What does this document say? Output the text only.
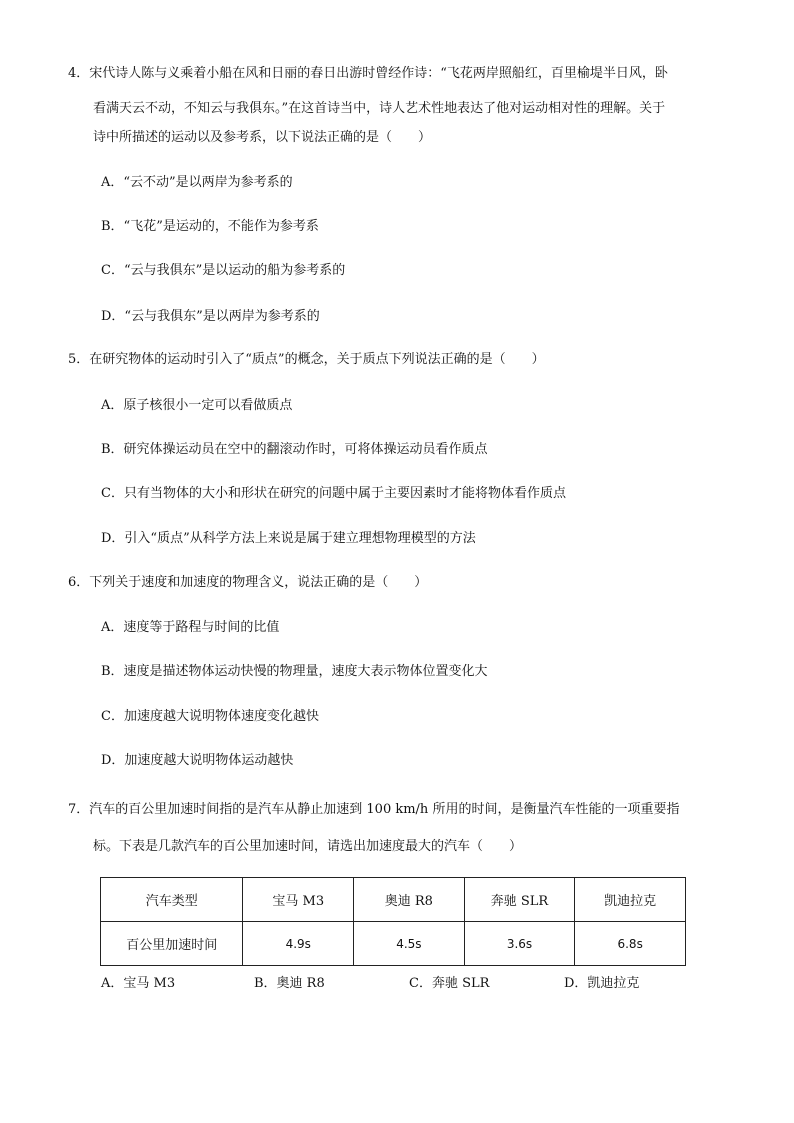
4．宋代诗人陈与义乘着小船在风和日丽的春日出游时曾经作诗：“飞花两岸照船红，百里榆堤半日风，卧
看满天云不动，不知云与我俱东。”在这首诗当中，诗人艺术性地表达了他对运动相对性的理解。关于
诗中所描述的运动以及参考系，以下说法正确的是（　　）
A．“云不动”是以两岸为参考系的
B．“飞花”是运动的，不能作为参考系
C．“云与我俱东”是以运动的船为参考系的
D．“云与我俱东”是以两岸为参考系的
5．在研究物体的运动时引入了“质点”的概念，关于质点下列说法正确的是（　　）
A．原子核很小一定可以看做质点
B．研究体操运动员在空中的翻滚动作时，可将体操运动员看作质点
C．只有当物体的大小和形状在研究的问题中属于主要因素时才能将物体看作质点
D．引入“质点”从科学方法上来说是属于建立理想物理模型的方法
6．下列关于速度和加速度的物理含义，说法正确的是（　　）
A．速度等于路程与时间的比值
B．速度是描述物体运动快慢的物理量，速度大表示物体位置变化大
C．加速度越大说明物体速度变化越快
D．加速度越大说明物体运动越快
7．汽车的百公里加速时间指的是汽车从静止加速到 100 km/h 所用的时间，是衡量汽车性能的一项重要指
标。下表是几款汽车的百公里加速时间，请选出加速度最大的汽车（　　）
汽车类型	宝马 M3	奥迪 R8	奔驰 SLR	凯迪拉克
百公里加速时间	4.9s	4.5s	3.6s	6.8s
A．宝马 M3	B．奥迪 R8	C．奔驰 SLR	D．凯迪拉克
